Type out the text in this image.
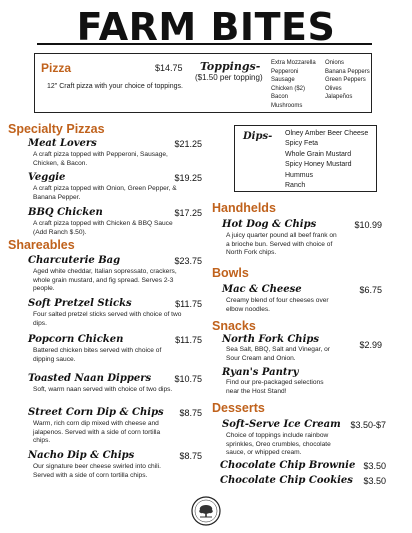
FARM BITES
Pizza	$14.75
12" Craft pizza with your choice of toppings.
Toppings-
($1.50 per topping)
Extra Mozzarella
Pepperoni
Sausage
Chicken ($2)
Bacon
Mushrooms
Onions
Banana Peppers
Green Peppers
Olives
Jalapeños
Specialty Pizzas
Meat Lovers	$21.25
A craft pizza topped with Pepperoni, Sausage, Chicken, & Bacon.
Veggie	$19.25
A craft pizza topped with Onion, Green Pepper, & Banana Pepper.
BBQ Chicken	$17.25
A craft pizza topped with Chicken & BBQ Sauce (Add Ranch $.50).
Dips- Olney Amber Beer Cheese
Spicy Feta
Whole Grain Mustard
Spicy Honey Mustard
Hummus
Ranch
Shareables
Charcuterie Bag	$23.75
Aged white cheddar, Italian sopressato, crackers, whole grain mustard, and fig spread. Serves 2-3 people.
Soft Pretzel Sticks	$11.75
Four salted pretzel sticks served with choice of two dips.
Popcorn Chicken	$11.75
Battered chicken bites served with choice of dipping sauce.
Toasted Naan Dippers	$10.75
Soft, warm naan served with choice of two dips.
Street Corn Dip & Chips	$8.75
Warm, rich corn dip mixed with cheese and jalapenos. Served with a side of corn tortilla chips.
Nacho Dip & Chips	$8.75
Our signature beer cheese swirled into chili. Served with a side of corn tortilla chips.
Handhelds
Hot Dog & Chips	$10.99
A juicy quarter pound all beef frank on a brioche bun. Served with choice of North Fork chips.
Bowls
Mac & Cheese	$6.75
Creamy blend of four cheeses over elbow noodles.
Snacks
North Fork Chips	$2.99
Sea Salt, BBQ, Salt and Vinegar, or Sour Cream and Onion.
Ryan's Pantry
Find our pre-packaged selections near the Host Stand!
Desserts
Soft-Serve Ice Cream	$3.50-$7
Choice of toppings include rainbow sprinkles, Oreo crumbles, chocolate sauce, or whipped cream.
Chocolate Chip Brownie $3.50
Chocolate Chip Cookies	$3.50
